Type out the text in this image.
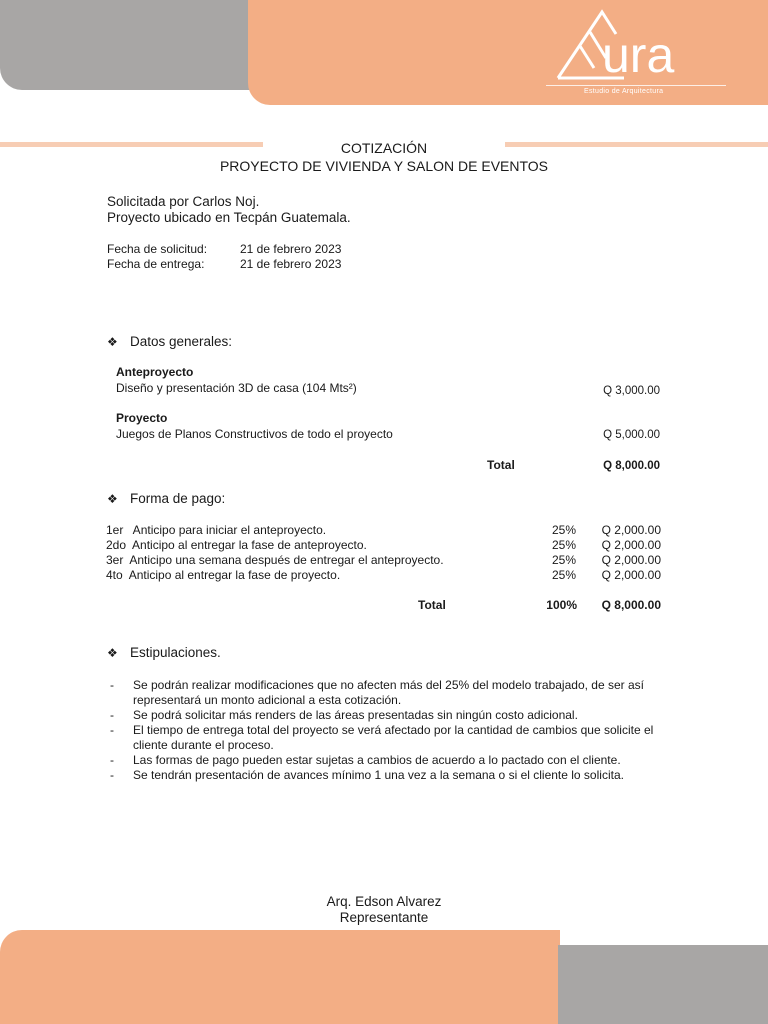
ura
Estudio de Arquitectura
COTIZACIÓN
PROYECTO DE VIVIENDA Y SALON DE EVENTOS
Solicitada por Carlos Noj.
Proyecto ubicado en Tecpán Guatemala.
Fecha de solicitud:	21 de febrero 2023
Fecha de entrega:	21 de febrero 2023
❖ Datos generales:
Anteproyecto
Diseño y presentación 3D de casa (104 Mts²)	Q 3,000.00
Proyecto
Juegos de Planos Constructivos de todo el proyecto	Q 5,000.00
Total	Q 8,000.00
❖ Forma de pago:
1er   Anticipo para iniciar el anteproyecto.	25%	Q 2,000.00
2do  Anticipo al entregar la fase de anteproyecto.	25%	Q 2,000.00
3er  Anticipo una semana después de entregar el anteproyecto.	25%	Q 2,000.00
4to  Anticipo al entregar la fase de proyecto.	25%	Q 2,000.00
Total	100%	Q 8,000.00
❖ Estipulaciones.
-	Se podrán realizar modificaciones que no afecten más del 25% del modelo trabajado, de ser así representará un monto adicional a esta cotización.
-	Se podrá solicitar más renders de las áreas presentadas sin ningún costo adicional.
-	El tiempo de entrega total del proyecto se verá afectado por la cantidad de cambios que solicite el cliente durante el proceso.
-	Las formas de pago pueden estar sujetas a cambios de acuerdo a lo pactado con el cliente.
-	Se tendrán presentación de avances mínimo 1 una vez a la semana o si el cliente lo solicita.
Arq. Edson Alvarez
Representante
